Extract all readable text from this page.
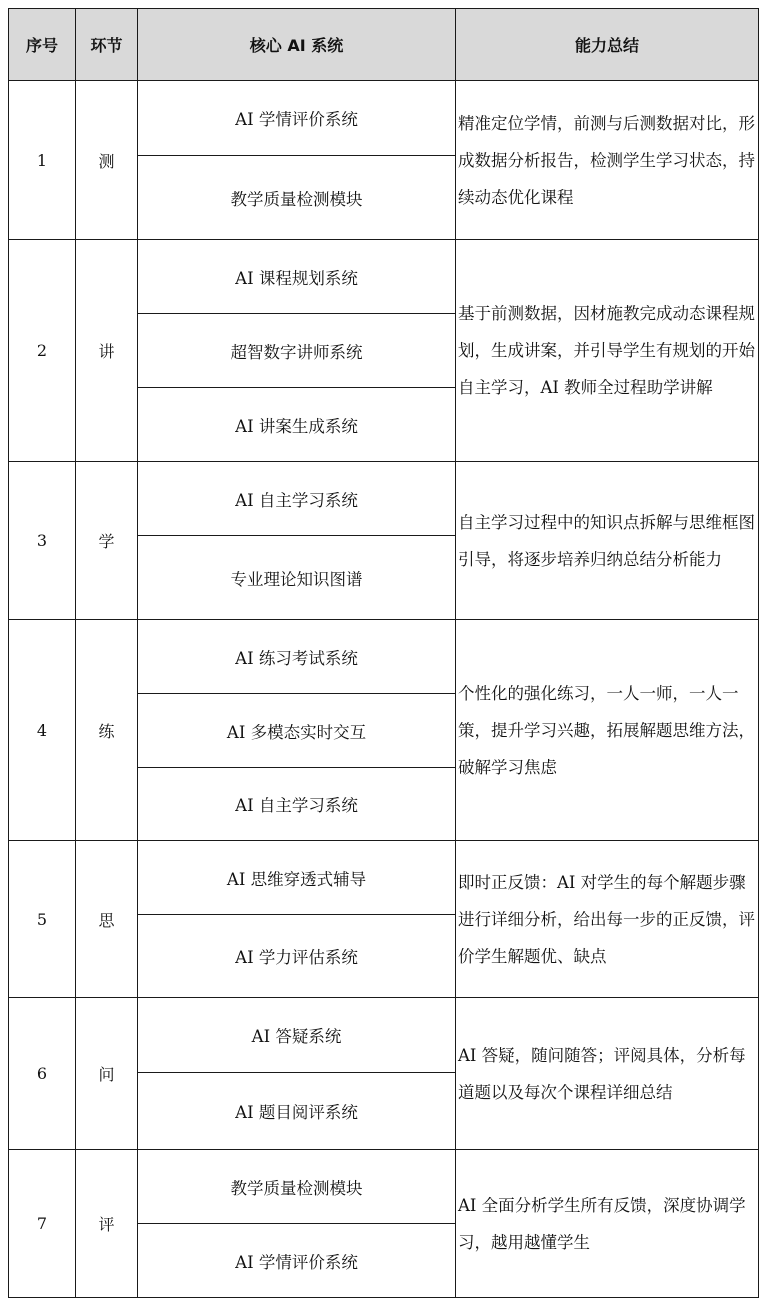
序号	环节	核心 AI 系统	能力总结
1	测	AI 学情评价系统	精准定位学情，前测与后测数据对比，形成数据分析报告，检测学生学习状态，持续动态优化课程
		教学质量检测模块	
2	讲	AI 课程规划系统	基于前测数据，因材施教完成动态课程规划，生成讲案，并引导学生有规划的开始自主学习，AI 教师全过程助学讲解
		超智数字讲师系统	
		AI 讲案生成系统	
3	学	AI 自主学习系统	自主学习过程中的知识点拆解与思维框图引导，将逐步培养归纳总结分析能力
		专业理论知识图谱	
4	练	AI 练习考试系统	个性化的强化练习，一人一师，一人一策，提升学习兴趣，拓展解题思维方法，破解学习焦虑
		AI 多模态实时交互	
		AI 自主学习系统	
5	思	AI 思维穿透式辅导	即时正反馈：AI 对学生的每个解题步骤进行详细分析，给出每一步的正反馈，评价学生解题优、缺点
		AI 学力评估系统	
6	问	AI 答疑系统	AI 答疑，随问随答；评阅具体，分析每道题以及每次个课程详细总结
		AI 题目阅评系统	
7	评	教学质量检测模块	AI 全面分析学生所有反馈，深度协调学习，越用越懂学生
		AI 学情评价系统	
